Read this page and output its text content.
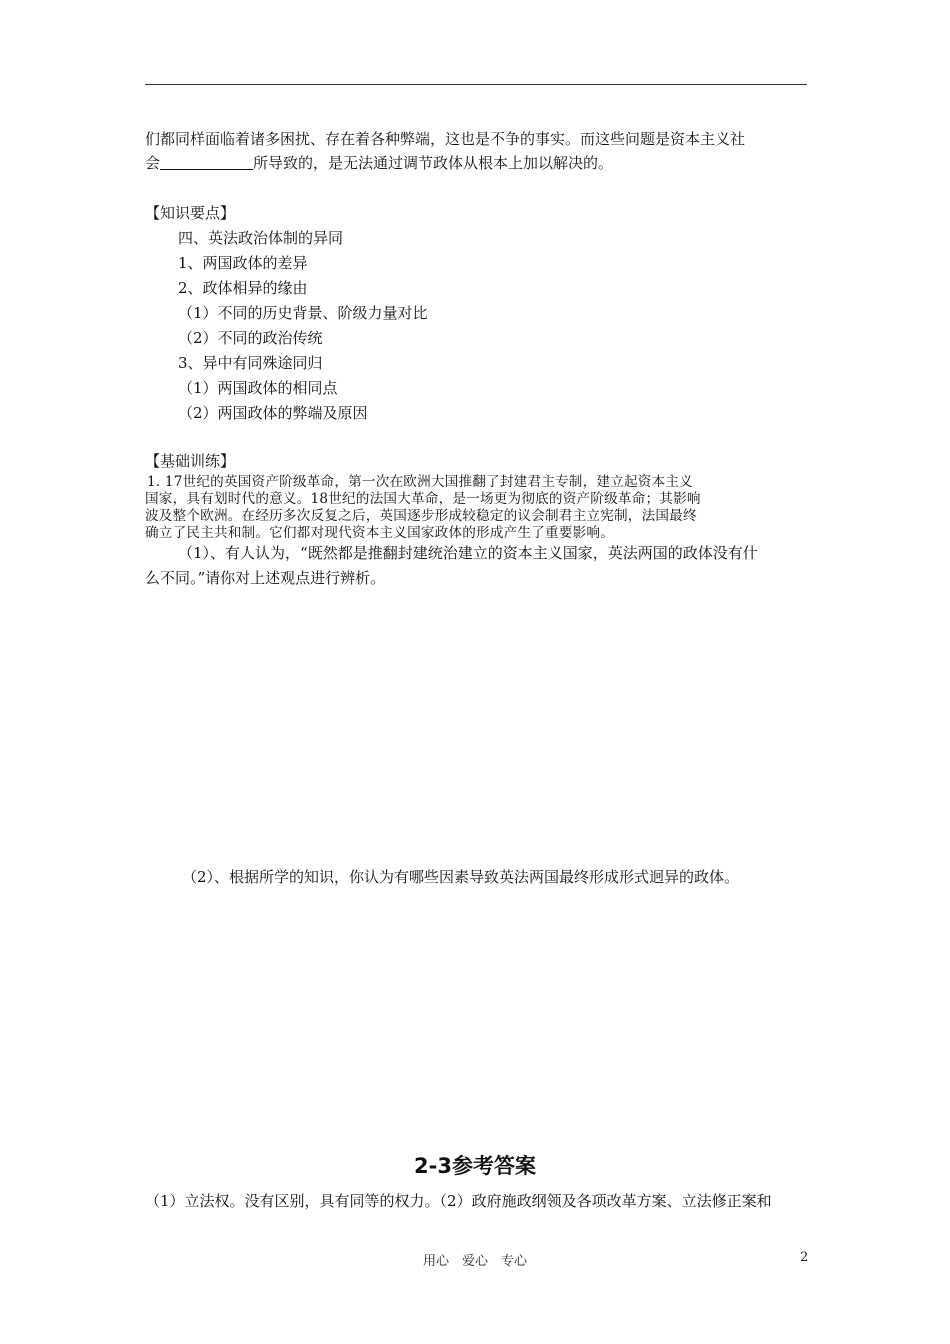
们都同样面临着诸多困扰、存在着各种弊端，这也是不争的事实。而这些问题是资本主义社
会	所导致的，是无法通过调节政体从根本上加以解决的。
【知识要点】
四、英法政治体制的异同
1、两国政体的差异
2、政体相异的缘由
（1）不同的历史背景、阶级力量对比
（2）不同的政治传统
3、异中有同殊途同归
（1）两国政体的相同点
（2）两国政体的弊端及原因
【基础训练】
1. 17世纪的英国资产阶级革命，第一次在欧洲大国推翻了封建君主专制，建立起资本主义
国家，具有划时代的意义。18世纪的法国大革命，是一场更为彻底的资产阶级革命；其影响
波及整个欧洲。在经历多次反复之后，英国逐步形成较稳定的议会制君主立宪制，法国最终
确立了民主共和制。它们都对现代资本主义国家政体的形成产生了重要影响。
（1）、有人认为，“既然都是推翻封建统治建立的资本主义国家，英法两国的政体没有什
么不同。”请你对上述观点进行辨析。
（2）、根据所学的知识，你认为有哪些因素导致英法两国最终形成形式迥异的政体。
2-3参考答案
（1）立法权。没有区别，具有同等的权力。（2）政府施政纲领及各项改革方案、立法修正案和
用心　爱心　专心	2
